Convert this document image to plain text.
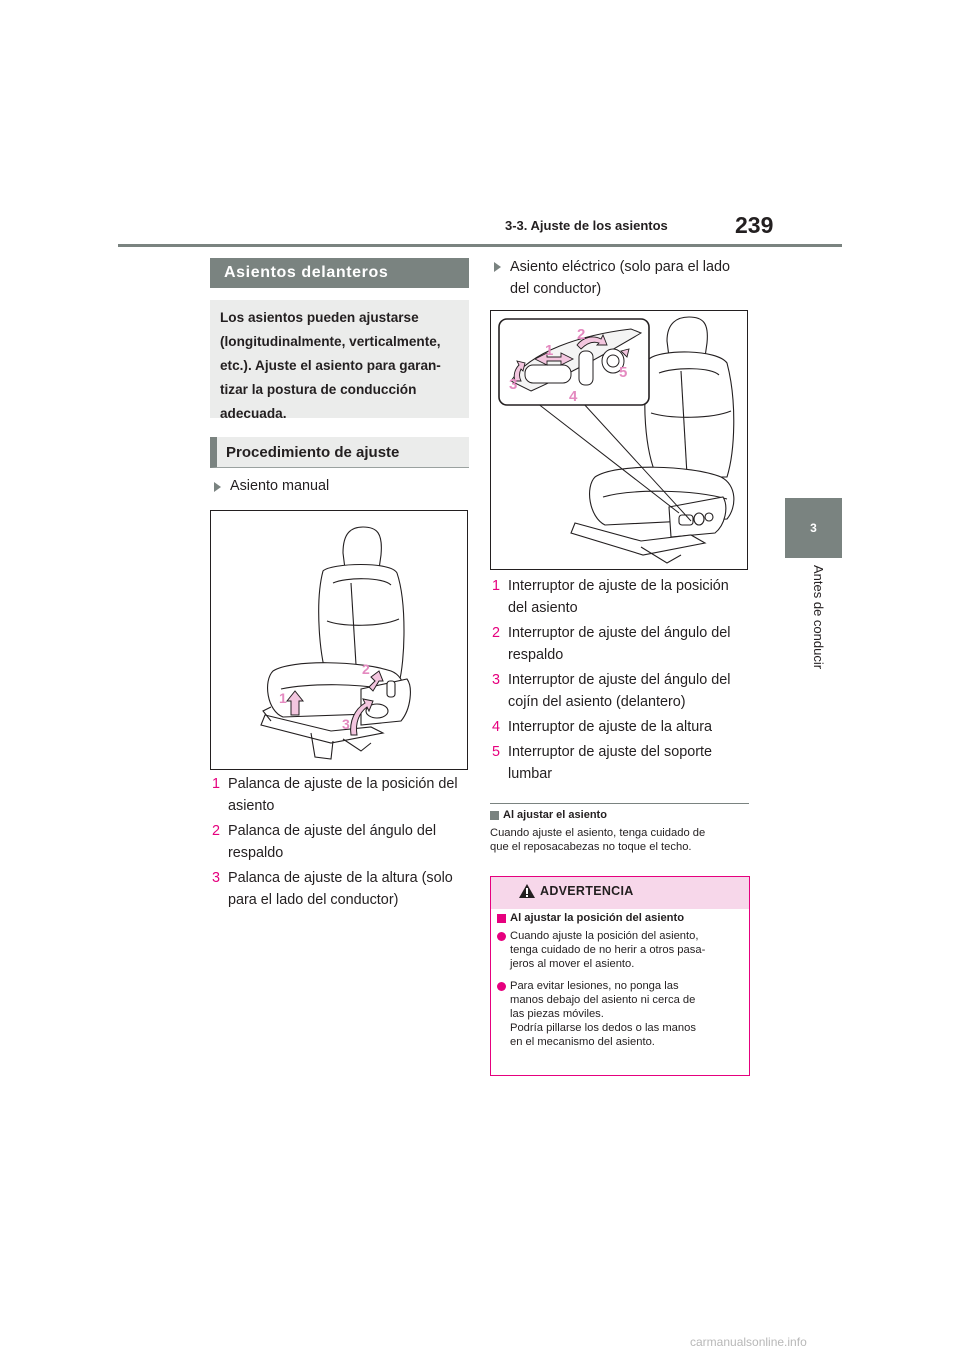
3-3. Ajuste de los asientos	239
3
Antes de conducir
Asientos delanteros
Los asientos pueden ajustarse
(longitudinalmente, verticalmente,
etc.). Ajuste el asiento para garan-
tizar la postura de conducción
adecuada.
Procedimiento de ajuste
Asiento manual
1
2
3
1 Palanca de ajuste de la posición del
asiento
2 Palanca de ajuste del ángulo del
respaldo
3 Palanca de ajuste de la altura (solo
para el lado del conductor)
Asiento eléctrico (solo para el lado
del conductor)
1
2
3
4
5
1 Interruptor de ajuste de la posición
del asiento
2 Interruptor de ajuste del ángulo del
respaldo
3 Interruptor de ajuste del ángulo del
cojín del asiento (delantero)
4 Interruptor de ajuste de la altura
5 Interruptor de ajuste del soporte
lumbar
Al ajustar el asiento
Cuando ajuste el asiento, tenga cuidado de
que el reposacabezas no toque el techo.
ADVERTENCIA
Al ajustar la posición del asiento
Cuando ajuste la posición del asiento,
tenga cuidado de no herir a otros pasa-
jeros al mover el asiento.
Para evitar lesiones, no ponga las
manos debajo del asiento ni cerca de
las piezas móviles.
Podría pillarse los dedos o las manos
en el mecanismo del asiento.
carmanualsonline.info
